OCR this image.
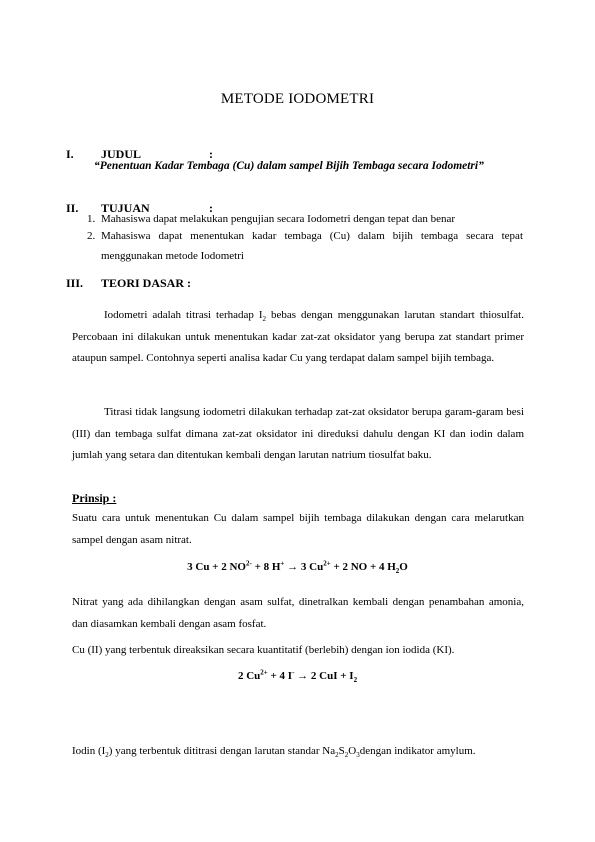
METODE IODOMETRI
I. JUDUL	:
“Penentuan Kadar Tembaga (Cu) dalam sampel Bijih Tembaga secara Iodometri”
II. TUJUAN	:
1. Mahasiswa dapat melakukan pengujian secara Iodometri dengan tepat dan benar
2. Mahasiswa dapat menentukan kadar tembaga (Cu) dalam bijih tembaga secara tepat
menggunakan metode Iodometri
III. TEORI DASAR :
Iodometri adalah titrasi terhadap $I_2$ bebas dengan menggunakan larutan standart thiosulfat. Percobaan ini dilakukan untuk menentukan kadar zat-zat oksidator yang berupa zat standart primer ataupun sampel. Contohnya seperti analisa kadar Cu yang terdapat dalam sampel bijih tembaga.
Titrasi tidak langsung iodometri dilakukan terhadap zat-zat oksidator berupa garam-garam besi (III) dan tembaga sulfat dimana zat-zat oksidator ini direduksi dahulu dengan KI dan iodin dalam jumlah yang setara dan ditentukan kembali dengan larutan natrium tiosulfat baku.
Prinsip :
Suatu cara untuk menentukan Cu dalam sampel bijih tembaga dilakukan dengan cara melarutkan sampel dengan asam nitrat.
3 Cu + 2 $NO^{2-} + 8$ H+ → 3 $Cu^{2+} + 2$ NO + 4 $H_2O$
Nitrat yang ada dihilangkan dengan asam sulfat, dinetralkan kembali dengan penambahan amonia, dan diasamkan kembali dengan asam fosfat.
Cu (II) yang terbentuk direaksikan secara kuantitatif (berlebih) dengan ion iodida (KI).
2 $Cu^{2+} + 4$ I- → 2 CuI + $I_2$
Iodin $(I_2)$ yang terbentuk dititrasi dengan larutan standar $Na_2S_2O_3dengan$ indikator amylum.
